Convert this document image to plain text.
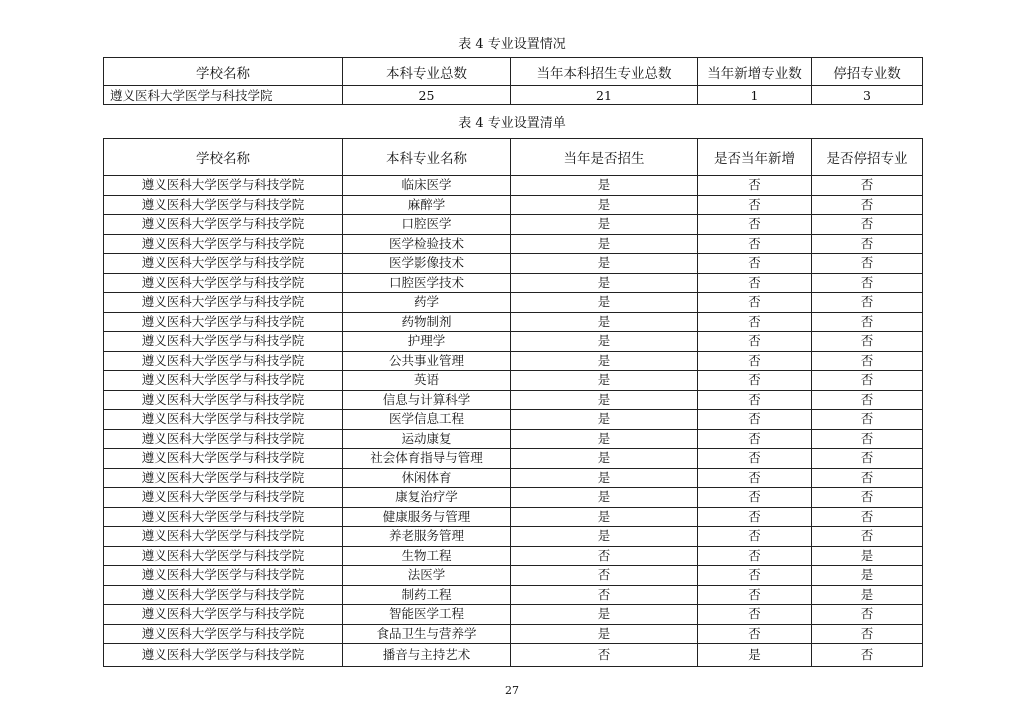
表 4 专业设置情况
学校名称	本科专业总数	当年本科招生专业总数	当年新增专业数	停招专业数
遵义医科大学医学与科技学院	25	21	1	3
表 4 专业设置清单
学校名称	本科专业名称	当年是否招生	是否当年新增	是否停招专业
遵义医科大学医学与科技学院	临床医学	是	否	否
遵义医科大学医学与科技学院	麻醉学	是	否	否
遵义医科大学医学与科技学院	口腔医学	是	否	否
遵义医科大学医学与科技学院	医学检验技术	是	否	否
遵义医科大学医学与科技学院	医学影像技术	是	否	否
遵义医科大学医学与科技学院	口腔医学技术	是	否	否
遵义医科大学医学与科技学院	药学	是	否	否
遵义医科大学医学与科技学院	药物制剂	是	否	否
遵义医科大学医学与科技学院	护理学	是	否	否
遵义医科大学医学与科技学院	公共事业管理	是	否	否
遵义医科大学医学与科技学院	英语	是	否	否
遵义医科大学医学与科技学院	信息与计算科学	是	否	否
遵义医科大学医学与科技学院	医学信息工程	是	否	否
遵义医科大学医学与科技学院	运动康复	是	否	否
遵义医科大学医学与科技学院	社会体育指导与管理	是	否	否
遵义医科大学医学与科技学院	休闲体育	是	否	否
遵义医科大学医学与科技学院	康复治疗学	是	否	否
遵义医科大学医学与科技学院	健康服务与管理	是	否	否
遵义医科大学医学与科技学院	养老服务管理	是	否	否
遵义医科大学医学与科技学院	生物工程	否	否	是
遵义医科大学医学与科技学院	法医学	否	否	是
遵义医科大学医学与科技学院	制药工程	否	否	是
遵义医科大学医学与科技学院	智能医学工程	是	否	否
遵义医科大学医学与科技学院	食品卫生与营养学	是	否	否
遵义医科大学医学与科技学院	播音与主持艺术	否	是	否
27
